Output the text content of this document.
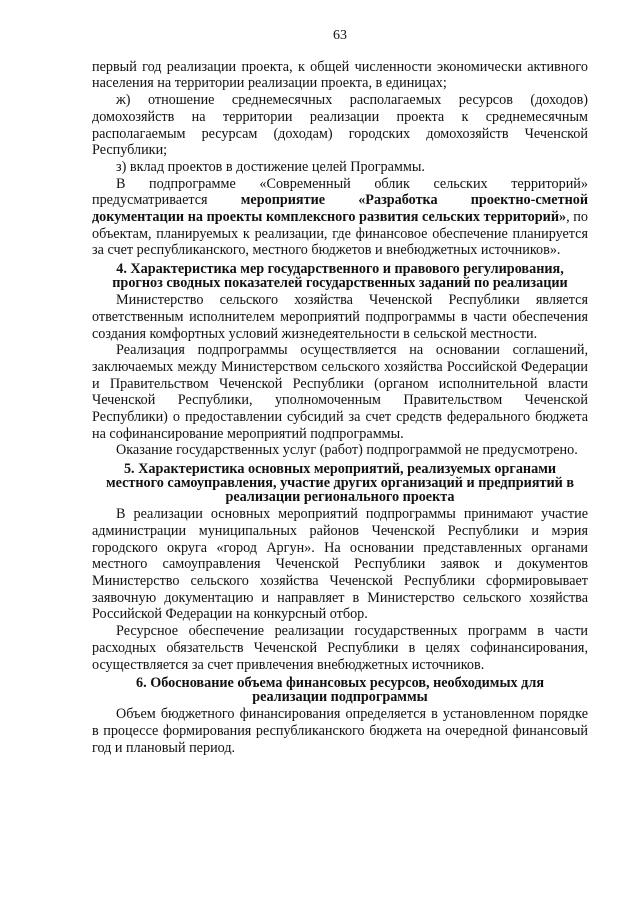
63

первый год реализации проекта, к общей численности экономически активного населения на территории реализации проекта, в единицах;

ж) отношение среднемесячных располагаемых ресурсов (доходов) домохозяйств на территории реализации проекта к среднемесячным располагаемым ресурсам (доходам) городских домохозяйств Чеченской Республики;

з) вклад проектов в достижение целей Программы.

В подпрограмме «Современный облик сельских территорий» предусматривается мероприятие «Разработка проектно-сметной документации на проекты комплексного развития сельских территорий», по объектам, планируемых к реализации, где финансовое обеспечение планируется за счет республиканского, местного бюджетов и внебюджетных источников».

4. Характеристика мер государственного и правового регулирования,
прогноз сводных показателей государственных заданий по реализации

Министерство сельского хозяйства Чеченской Республики является ответственным исполнителем мероприятий подпрограммы в части обеспечения создания комфортных условий жизнедеятельности в сельской местности.

Реализация подпрограммы осуществляется на основании соглашений, заключаемых между Министерством сельского хозяйства Российской Федерации и Правительством Чеченской Республики (органом исполнительной власти Чеченской Республики, уполномоченным Правительством Чеченской Республики) о предоставлении субсидий за счет средств федерального бюджета на софинансирование мероприятий подпрограммы.

Оказание государственных услуг (работ) подпрограммой не предусмотрено.

5. Характеристика основных мероприятий, реализуемых органами
местного самоуправления, участие других организаций и предприятий в
реализации регионального проекта

В реализации основных мероприятий подпрограммы принимают участие администрации муниципальных районов Чеченской Республики и мэрия городского округа «город Аргун». На основании представленных органами местного самоуправления Чеченской Республики заявок и документов Министерство сельского хозяйства Чеченской Республики сформировывает заявочную документацию и направляет в Министерство сельского хозяйства Российской Федерации на конкурсный отбор.

Ресурсное обеспечение реализации государственных программ в части расходных обязательств Чеченской Республики в целях софинансирования, осуществляется за счет привлечения внебюджетных источников.

6. Обоснование объема финансовых ресурсов, необходимых для
реализации подпрограммы

Объем бюджетного финансирования определяется в установленном порядке в процессе формирования республиканского бюджета на очередной финансовый год и плановый период.
